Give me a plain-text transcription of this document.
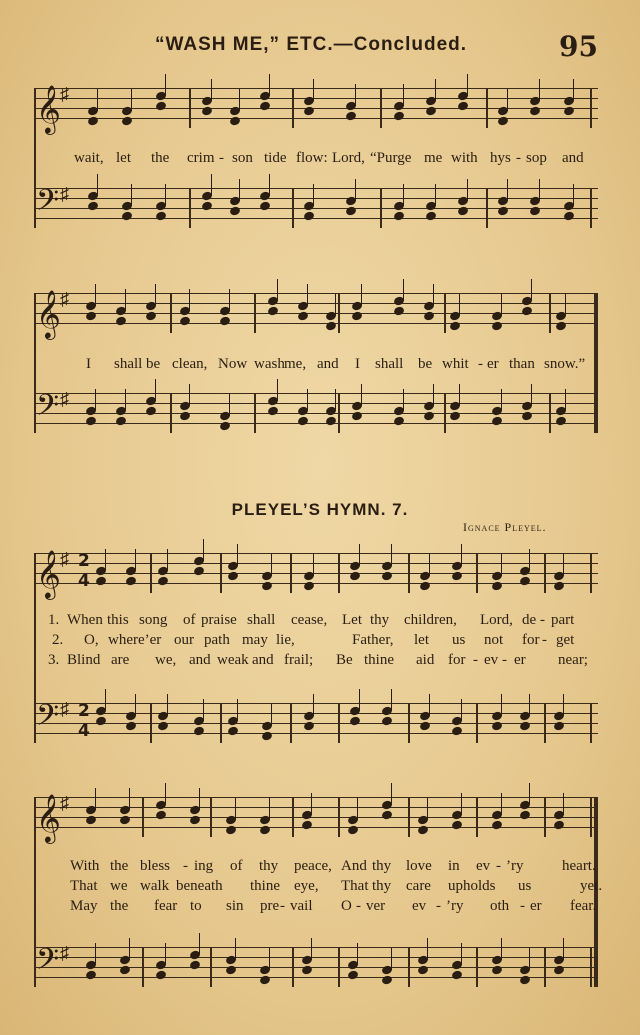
“WASH ME,” ETC.—Concluded.	95
𝄞 ♯
𝄢 ♯
wait, let the crim - son tide flow: Lord, “Purge me with hys - sop and
𝄞 ♯
𝄢 ♯
I shall be clean, Now wash me, and I shall be whit - er than snow.”
PLEYEL’S HYMN. 7.
Ignace Pleyel.
𝄞 ♯ 2
4
𝄢 ♯ 2
4
1. When this song of praise shall cease, Let thy children, Lord, de - part
2. O, where’er our path may lie,	Father, let us not for - get
3. Blind are we, and weak and frail; Be thine aid for - ev - er near;
𝄞 ♯
𝄢 ♯
With the bless - ing of thy peace, And thy love in ev - ’ry	heart.
That we walk beneath thine eye, That thy care upholds us	yet.
May the fear to sin pre - vail O - ver ev - ’ry oth - er fear.
